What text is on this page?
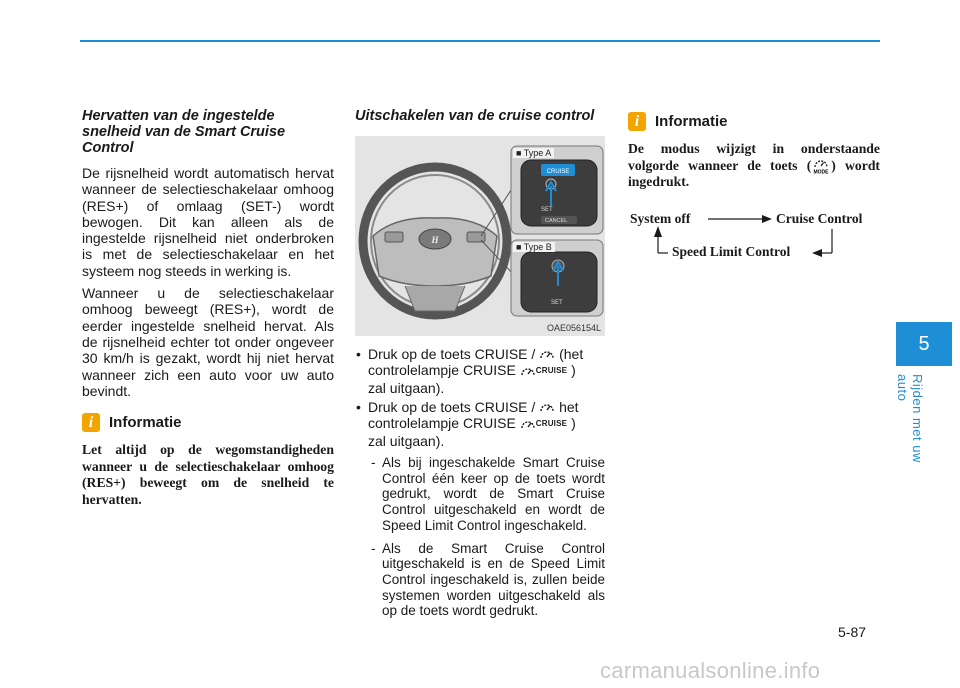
Hervatten van de ingestelde snelheid van de Smart Cruise Control

De rijsnelheid wordt automatisch hervat wanneer de selectieschakelaar omhoog (RES+) of omlaag (SET-) wordt bewogen. Dit kan alleen als de ingestelde rijsnelheid niet onderbroken is met de selectieschakelaar en het systeem nog steeds in werking is.

Wanneer u de selectieschakelaar omhoog beweegt (RES+), wordt de eerder ingestelde snelheid hervat. Als de rijsnelheid echter tot onder ongeveer 30 km/h is gezakt, wordt hij niet hervat wanneer zich een auto voor uw auto bevindt.

i	Informatie

Let altijd op de wegomstandigheden wanneer u de selectieschakelaar omhoog (RES+) beweegt om de snelheid te hervatten.

Uitschakelen van de cruise control
H
CRUISE
SET
CANCEL
SET
■ Type A
■ Type B
OAE056154L
• Druk op de toets CRUISE / (het controlelampje CRUISE CRUISE )
zal uitgaan).
• Druk op de toets CRUISE / het controlelampje CRUISE CRUISE )
zal uitgaan).
- Als bij ingeschakelde Smart Cruise Control één keer op de toets wordt gedrukt, wordt de Smart Cruise Control uitgeschakeld en wordt de Speed Limit Control ingeschakeld.
- Als de Smart Cruise Control uitgeschakeld is en de Speed Limit Control ingeschakeld is, zullen beide systemen worden uitgeschakeld als op de toets wordt gedrukt.
i	Informatie

De modus wijzigt in onderstaande volgorde wanneer de toets (
MODE
) wordt ingedrukt.

System off	Cruise Control
Speed Limit Control
5
Rijden met uw auto
5-87
carmanualsonline.info
